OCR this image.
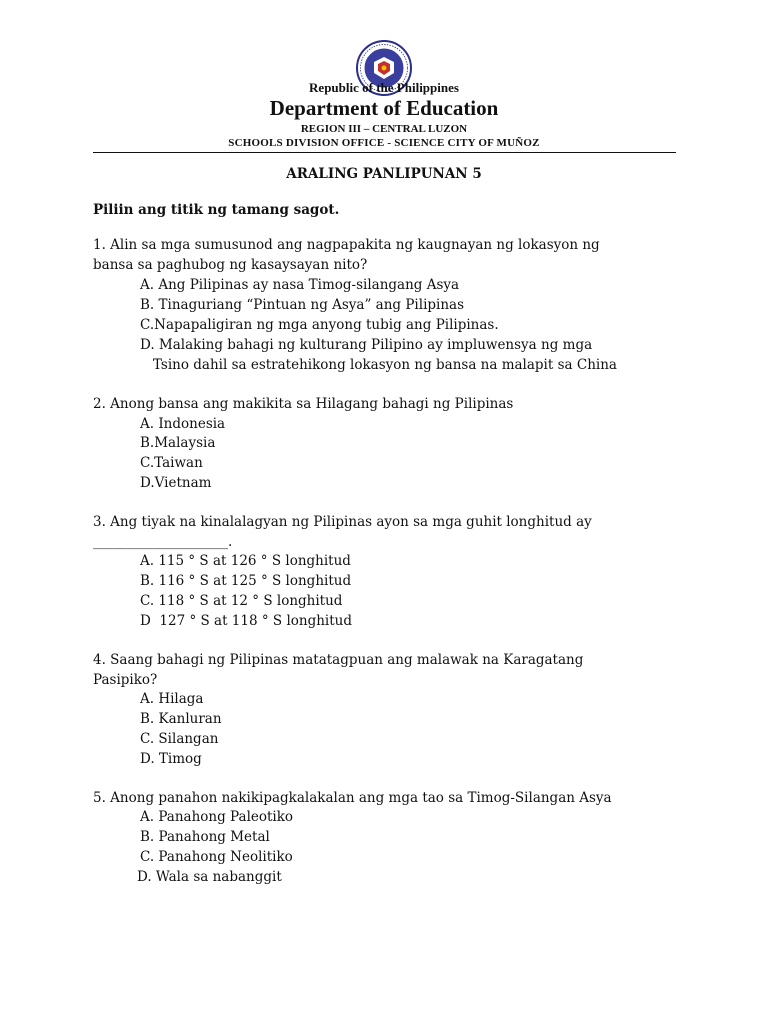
Republic of the Philippines
Department of Education
REGION III – CENTRAL LUZON
SCHOOLS DIVISION OFFICE - SCIENCE CITY OF MUÑOZ
ARALING PANLIPUNAN 5
Piliin ang titik ng tamang sagot.
1. Alin sa mga sumusunod ang nagpapakita ng kaugnayan ng lokasyon ng
bansa sa paghubog ng kasaysayan nito?
A. Ang Pilipinas ay nasa Timog-silangang Asya
B. Tinaguriang “Pintuan ng Asya” ang Pilipinas
C.Napapaligiran ng mga anyong tubig ang Pilipinas.
D. Malaking bahagi ng kulturang Pilipino ay impluwensya ng mga
Tsino dahil sa estratehikong lokasyon ng bansa na malapit sa China
2. Anong bansa ang makikita sa Hilagang bahagi ng Pilipinas
A. Indonesia
B.Malaysia
C.Taiwan
D.Vietnam
3. Ang tiyak na kinalalagyan ng Pilipinas ayon sa mga guhit longhitud ay
____________________.
A. 115 ° S at 126 ° S longhitud
B. 116 ° S at 125 ° S longhitud
C. 118 ° S at 12 ° S longhitud
D  127 ° S at 118 ° S longhitud
4. Saang bahagi ng Pilipinas matatagpuan ang malawak na Karagatang
Pasipiko?
A. Hilaga
B. Kanluran
C. Silangan
D. Timog
5. Anong panahon nakikipagkalakalan ang mga tao sa Timog-Silangan Asya
A. Panahong Paleotiko
B. Panahong Metal
C. Panahong Neolitiko
D. Wala sa nabanggit
